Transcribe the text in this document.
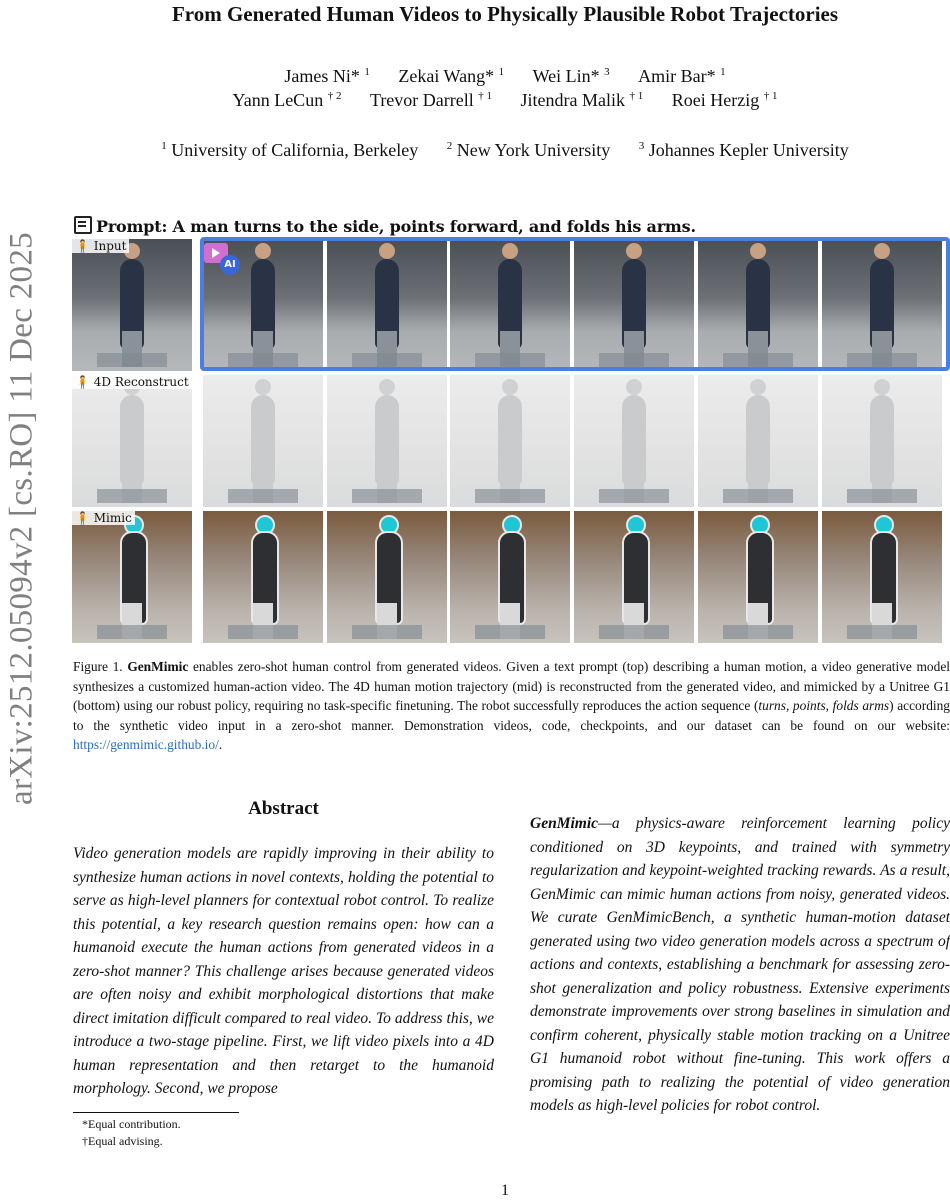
arXiv:2512.05094v2 [cs.RO] 11 Dec 2025
From Generated Human Videos to Physically Plausible Robot Trajectories
James Ni* $^1$ Zekai Wang* $^1$ Wei Lin* $^3$ Amir Bar* $^1$
Yann LeCun $^{\dagger 2}$ Trevor Darrell $^{\dagger 1}$ Jitendra Malik $^{\dagger 1}$ Roei Herzig $^{\dagger 1}$
$^1$ University of California, Berkeley	$^2$ New York University	$^3$ Johannes Kepler University
Prompt: A man turns to the side, points forward, and folds his arms.
🧍 Input
🧍 4D Reconstruct
🧍 Mimic
AI
Figure 1. GenMimic enables zero-shot human control from generated videos. Given a text prompt (top) describing a human motion, a video generative model synthesizes a customized human-action video. The 4D human motion trajectory (mid) is reconstructed from the generated video, and mimicked by a Unitree G1 (bottom) using our robust policy, requiring no task-specific finetuning. The robot successfully reproduces the action sequence (turns, points, folds arms) according to the synthetic video input in a zero-shot manner. Demonstration videos, code, checkpoints, and our dataset can be found on our website: https://genmimic.github.io/.
Abstract
Video generation models are rapidly improving in their ability to synthesize human actions in novel contexts, holding the potential to serve as high-level planners for contextual robot control. To realize this potential, a key research question remains open: how can a humanoid execute the human actions from generated videos in a zero-shot manner? This challenge arises because generated videos are often noisy and exhibit morphological distortions that make direct imitation difficult compared to real video. To address this, we introduce a two-stage pipeline. First, we lift video pixels into a 4D human representation and then retarget to the humanoid morphology. Second, we propose
GenMimic—a physics-aware reinforcement learning policy conditioned on 3D keypoints, and trained with symmetry regularization and keypoint-weighted tracking rewards. As a result, GenMimic can mimic human actions from noisy, generated videos. We curate GenMimicBench, a synthetic human-motion dataset generated using two video generation models across a spectrum of actions and contexts, establishing a benchmark for assessing zero-shot generalization and policy robustness. Extensive experiments demonstrate improvements over strong baselines in simulation and confirm coherent, physically stable motion tracking on a Unitree G1 humanoid robot without fine-tuning. This work offers a promising path to realizing the potential of video generation models as high-level policies for robot control.
*Equal contribution.
†Equal advising.
1
